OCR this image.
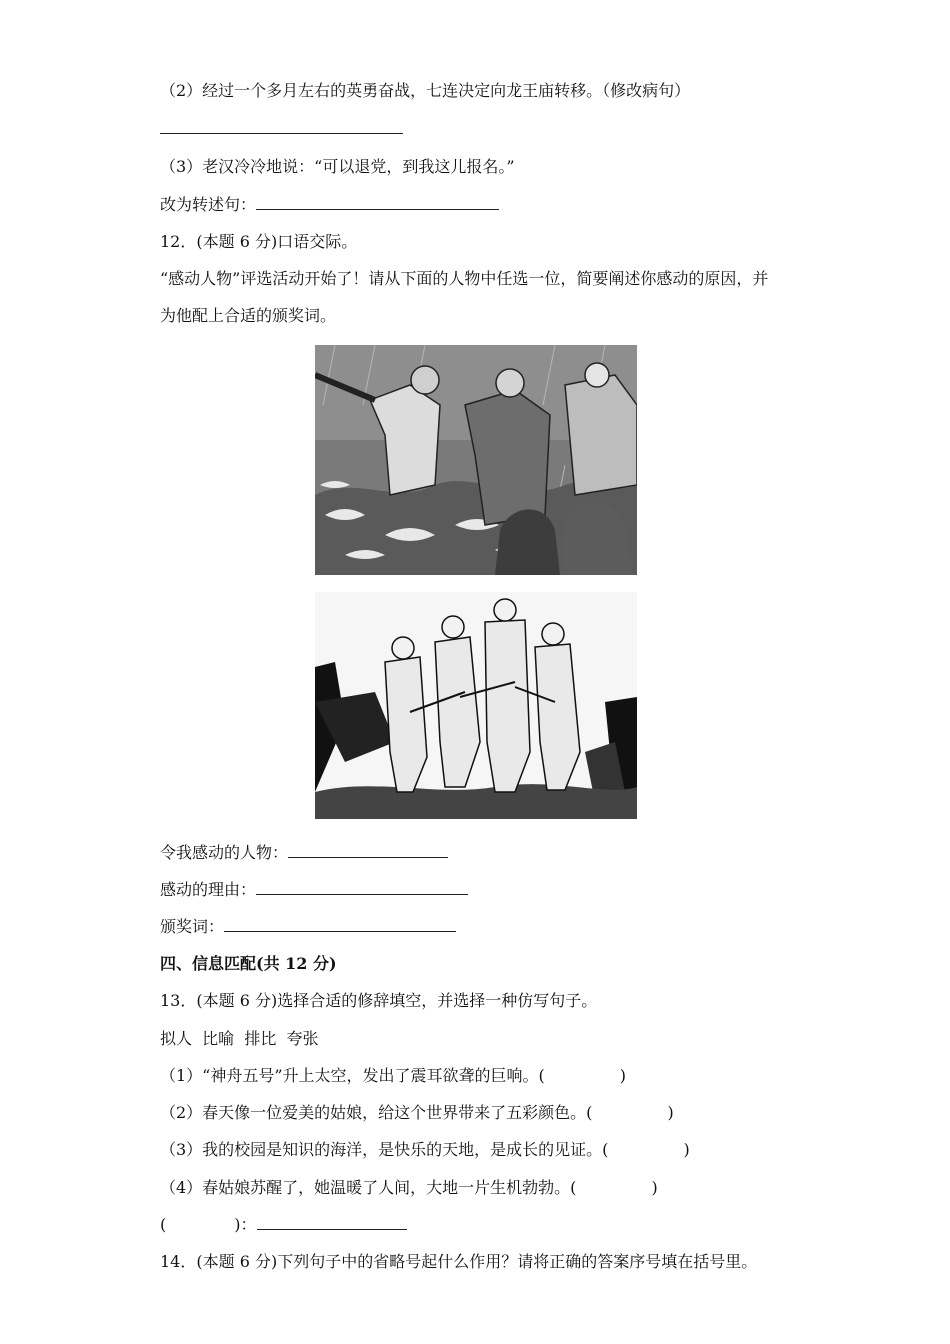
（2）经过一个多月左右的英勇奋战，七连决定向龙王庙转移。（修改病句）
（3）老汉冷冷地说：“可以退党，到我这儿报名。”
改为转述句：
12．(本题 6 分)口语交际。
“感动人物”评选活动开始了！请从下面的人物中任选一位，简要阐述你感动的原因，并
为他配上合适的颁奖词。
令我感动的人物：
感动的理由：
颁奖词：
四、信息匹配(共 12 分)
13．(本题 6 分)选择合适的修辞填空，并选择一种仿写句子。
拟人  比喻  排比  夸张
（1）“神舟五号”升上太空，发出了震耳欲聋的巨响。(	)
（2）春天像一位爱美的姑娘，给这个世界带来了五彩颜色。(	)
（3）我的校园是知识的海洋，是快乐的天地，是成长的见证。(	)
（4）春姑娘苏醒了，她温暖了人间，大地一片生机勃勃。(	)
(	)：
14．(本题 6 分)下列句子中的省略号起什么作用？请将正确的答案序号填在括号里。
